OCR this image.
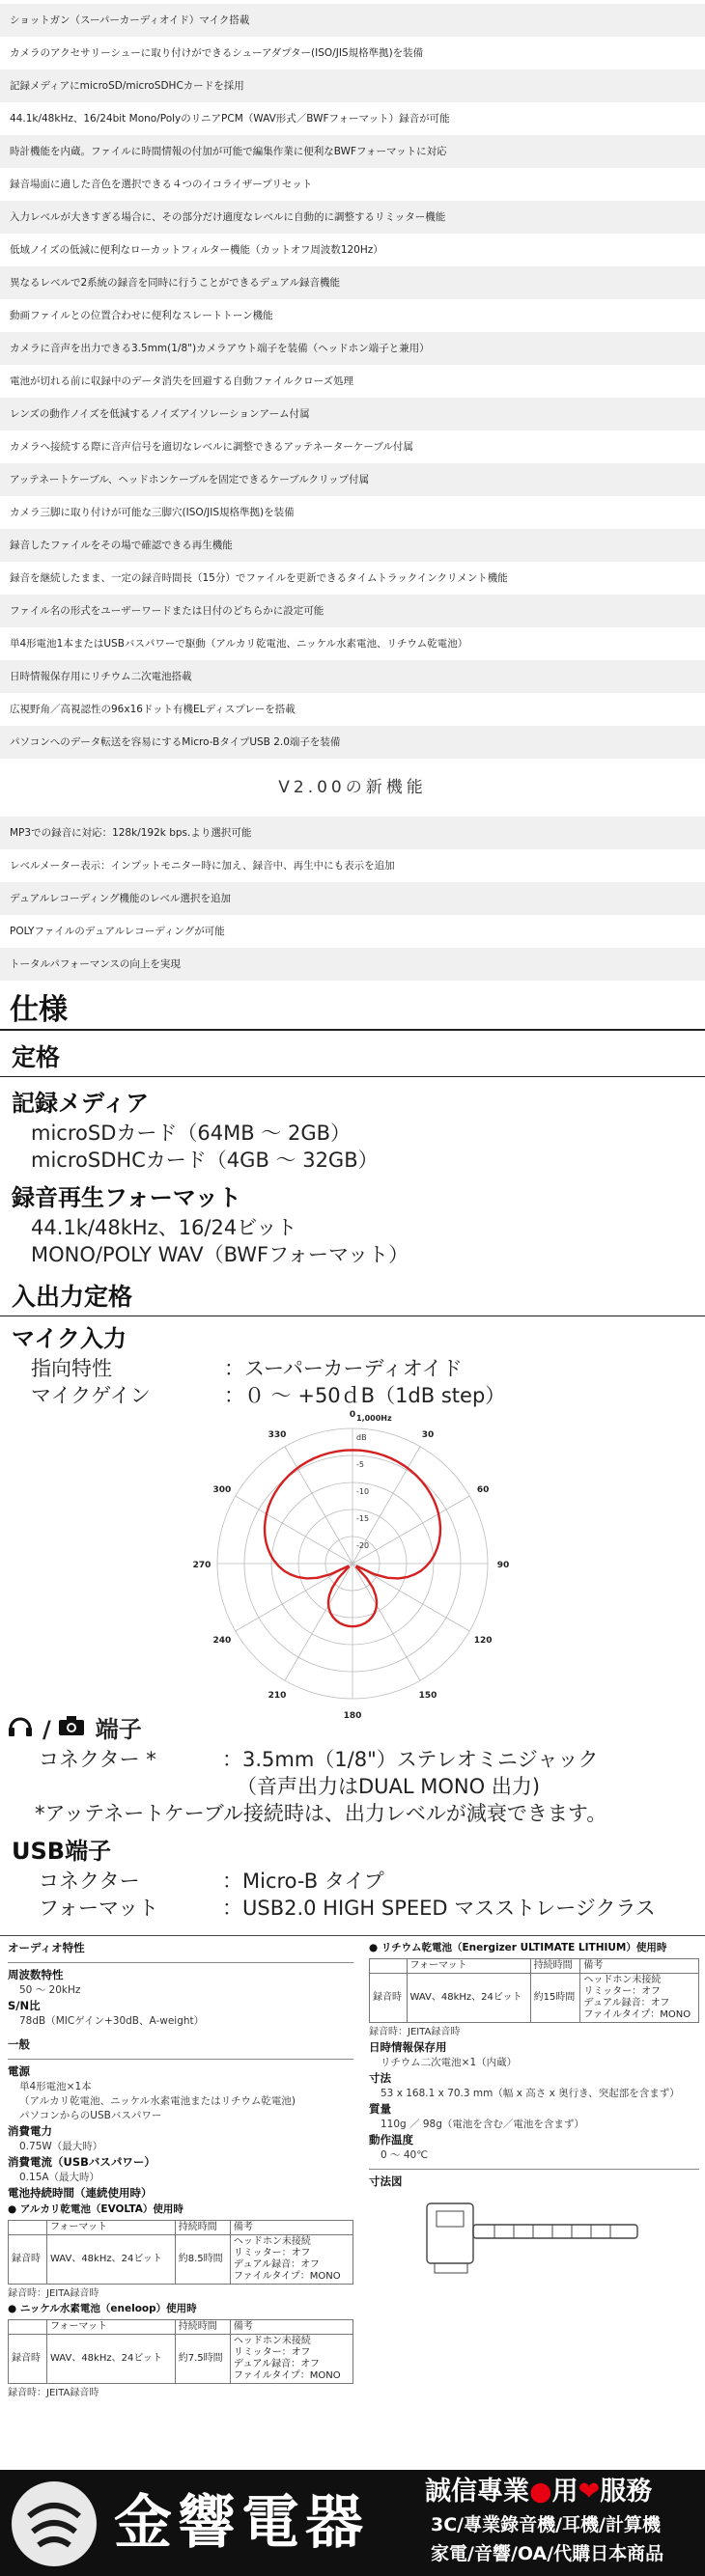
ショットガン（スーパーカーディオイド）マイク搭載
カメラのアクセサリーシューに取り付けができるシューアダプター(ISO/JIS規格準拠)を装備
記録メディアにmicroSD/microSDHCカードを採用
44.1k/48kHz、16/24bit Mono/PolyのリニアPCM（WAV形式／BWFフォーマット）録音が可能
時計機能を内蔵。ファイルに時間情報の付加が可能で編集作業に便利なBWFフォーマットに対応
録音場面に適した音色を選択できる４つのイコライザープリセット
入力レベルが大きすぎる場合に、その部分だけ適度なレベルに自動的に調整するリミッター機能
低域ノイズの低減に便利なローカットフィルター機能（カットオフ周波数120Hz）
異なるレベルで2系統の録音を同時に行うことができるデュアル録音機能
動画ファイルとの位置合わせに便利なスレートトーン機能
カメラに音声を出力できる3.5mm(1/8")カメラアウト端子を装備（ヘッドホン端子と兼用）
電池が切れる前に収録中のデータ消失を回避する自動ファイルクローズ処理
レンズの動作ノイズを低減するノイズアイソレーションアーム付属
カメラへ接続する際に音声信号を適切なレベルに調整できるアッテネーターケーブル付属
アッテネートケーブル、ヘッドホンケーブルを固定できるケーブルクリップ付属
カメラ三脚に取り付けが可能な三脚穴(ISO/JIS規格準拠)を装備
録音したファイルをその場で確認できる再生機能
録音を継続したまま、一定の録音時間長（15分）でファイルを更新できるタイムトラックインクリメント機能
ファイル名の形式をユーザーワードまたは日付のどちらかに設定可能
単4形電池1本またはUSBバスパワーで駆動（アルカリ乾電池、ニッケル水素電池、リチウム乾電池）
日時情報保存用にリチウム二次電池搭載
広視野角／高視認性の96x16ドット有機ELディスプレーを搭載
パソコンへのデータ転送を容易にするMicro-BタイプUSB 2.0端子を装備
V2.00の新機能
MP3での録音に対応：128k/192k bps.より選択可能
レベルメーター表示：インプットモニター時に加え、録音中、再生中にも表示を追加
デュアルレコーディング機能のレベル選択を追加
POLYファイルのデュアルレコーディングが可能
トータルパフォーマンスの向上を実現
仕様
定格
記録メディア
microSDカード（64MB ～ 2GB）
microSDHCカード（4GB ～ 32GB）
録音再生フォーマット
44.1k/48kHz、16/24ビット
MONO/POLY WAV（BWFフォーマット）
入出力定格
マイク入力
指向特性	：スーパーカーディオイド
マイクゲイン	：０ ～ +50ｄB（1dB step）
0
30
60
90
120
150
180
210
240
270
300
330	dB
-5
-10
-15
-20
1,000Hz
/ 端子
コネクター *	：3.5mm（1/8"）ステレオミニジャック
（音声出力はDUAL MONO 出力)
*アッテネートケーブル接続時は、出力レベルが減衰できます。
USB端子
コネクター	：Micro-B タイプ
フォーマット	：USB2.0 HIGH SPEED マスストレージクラス
オーディオ特性
周波数特性
50 ～ 20kHz
S/N比
78dB（MICゲイン+30dB、A-weight）
一般
電源
単4形電池×1本
（アルカリ乾電池、ニッケル水素電池またはリチウム乾電池)
パソコンからのUSBバスパワー
消費電力
0.75W（最大時）
消費電流（USBバスパワー）
0.15A（最大時）
電池持続時間（連続使用時）
● アルカリ乾電池（EVOLTA）使用時
	フォーマット	持続時間	備考
録音時	WAV、48kHz、24ビット	約8.5時間	ヘッドホン未接続
リミッター：オフ
デュアル録音：オフ
ファイルタイプ：MONO
録音時：JEITA録音時
● ニッケル水素電池（eneloop）使用時
	フォーマット	持続時間	備考
録音時	WAV、48kHz、24ビット	約7.5時間	ヘッドホン未接続
リミッター：オフ
デュアル録音：オフ
ファイルタイプ：MONO
録音時：JEITA録音時
● リチウム乾電池（Energizer ULTIMATE LITHIUM）使用時
	フォーマット	持続時間	備考
録音時	WAV、48kHz、24ビット	約15時間	ヘッドホン未接続
リミッター：オフ
デュアル録音：オフ
ファイルタイプ：MONO
録音時：JEITA録音時
日時情報保存用
リチウム二次電池×1（内蔵）
寸法
53 x 168.1 x 70.3 mm（幅 x 高さ x 奥行き、突起部を含まず）
質量
110g ／ 98g（電池を含む／電池を含まず）
動作温度
0 ～ 40℃
寸法図
金響電器 誠信專業●用❤服務
3C/專業錄音機/耳機/計算機
家電/音響/OA/代購日本商品
